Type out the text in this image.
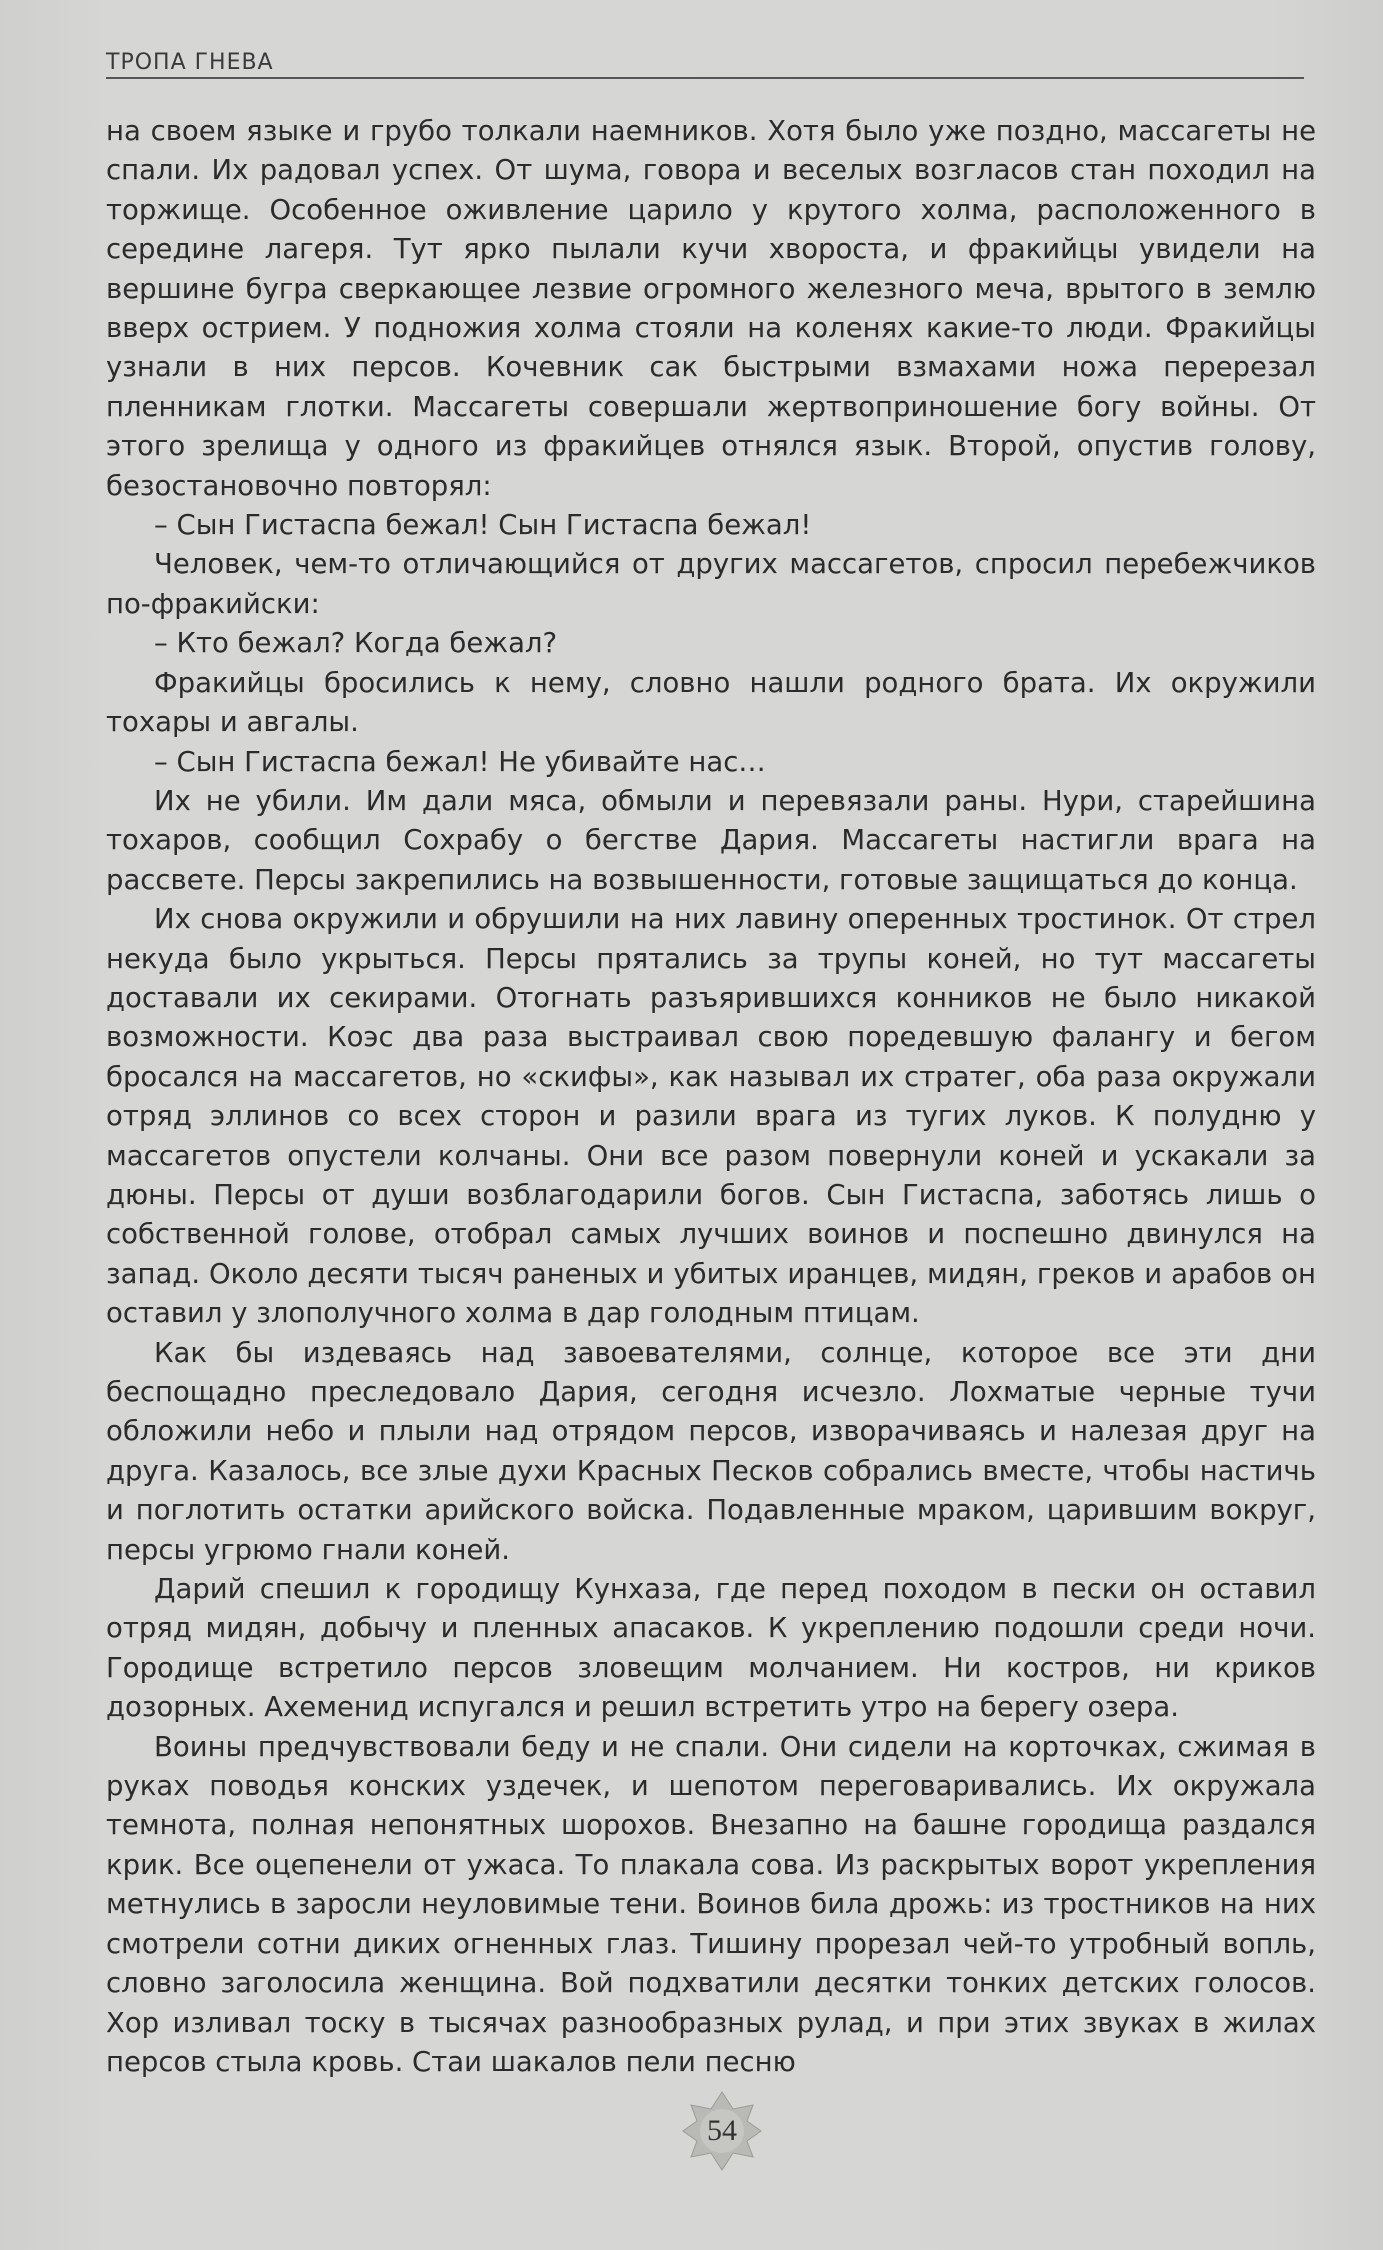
ТРОПА ГНЕВА

на своем языке и грубо толкали наемников. Хотя было уже поздно, массагеты не спали. Их радовал успех. От шума, говора и веселых возгласов стан походил на торжище. Особенное оживление царило у крутого холма, расположенного в середине лагеря. Тут ярко пылали кучи хвороста, и фракийцы увидели на вершине бугра сверкающее лезвие огромного железного меча, врытого в землю вверх острием. У подножия холма стояли на коленях какие-то люди. Фракийцы узнали в них персов. Кочевник сак быстрыми взмахами ножа перерезал пленникам глотки. Массагеты совершали жертвоприношение богу войны. От этого зрелища у одного из фракийцев отнялся язык. Второй, опустив голову, безостановочно повторял:

– Сын Гистаспа бежал! Сын Гистаспа бежал!

Человек, чем-то отличающийся от других массагетов, спросил перебежчиков по-фракийски:

– Кто бежал? Когда бежал?

Фракийцы бросились к нему, словно нашли родного брата. Их окружили тохары и авгалы.

– Сын Гистаспа бежал! Не убивайте нас…

Их не убили. Им дали мяса, обмыли и перевязали раны. Нури, старейшина тохаров, сообщил Сохрабу о бегстве Дария. Массагеты настигли врага на рассвете. Персы закрепились на возвышенности, готовые защищаться до конца.

Их снова окружили и обрушили на них лавину оперенных тростинок. От стрел некуда было укрыться. Персы прятались за трупы коней, но тут массагеты доставали их секирами. Отогнать разъярившихся конников не было никакой возможности. Коэс два раза выстраивал свою поредевшую фалангу и бегом бросался на массагетов, но «скифы», как называл их стратег, оба раза окружали отряд эллинов со всех сторон и разили врага из тугих луков. К полудню у массагетов опустели колчаны. Они все разом повернули коней и ускакали за дюны. Персы от души возблагодарили богов. Сын Гистаспа, заботясь лишь о собственной голове, отобрал самых лучших воинов и поспешно двинулся на запад. Около десяти тысяч раненых и убитых иранцев, мидян, греков и арабов он оставил у злополучного холма в дар голодным птицам.

Как бы издеваясь над завоевателями, солнце, которое все эти дни беспощадно преследовало Дария, сегодня исчезло. Лохматые черные тучи обложили небо и плыли над отрядом персов, изворачиваясь и налезая друг на друга. Казалось, все злые духи Красных Песков собрались вместе, чтобы настичь и поглотить остатки арийского войска. Подавленные мраком, царившим вокруг, персы угрюмо гнали коней.

Дарий спешил к городищу Кунхаза, где перед походом в пески он оставил отряд мидян, добычу и пленных апасаков. К укреплению подошли среди ночи. Городище встретило персов зловещим молчанием. Ни костров, ни криков дозорных. Ахеменид испугался и решил встретить утро на берегу озера.

Воины предчувствовали беду и не спали. Они сидели на корточках, сжимая в руках поводья конских уздечек, и шепотом переговаривались. Их окружала темнота, полная непонятных шорохов. Внезапно на башне городища раздался крик. Все оцепенели от ужаса. То плакала сова. Из раскрытых ворот укрепления метнулись в заросли неуловимые тени. Воинов била дрожь: из тростников на них смотрели сотни диких огненных глаз. Тишину прорезал чей-то утробный вопль, словно заголосила женщина. Вой подхватили десятки тонких детских голосов. Хор изливал тоску в тысячах разнообразных рулад, и при этих звуках в жилах персов стыла кровь. Стаи шакалов пели песню

54
